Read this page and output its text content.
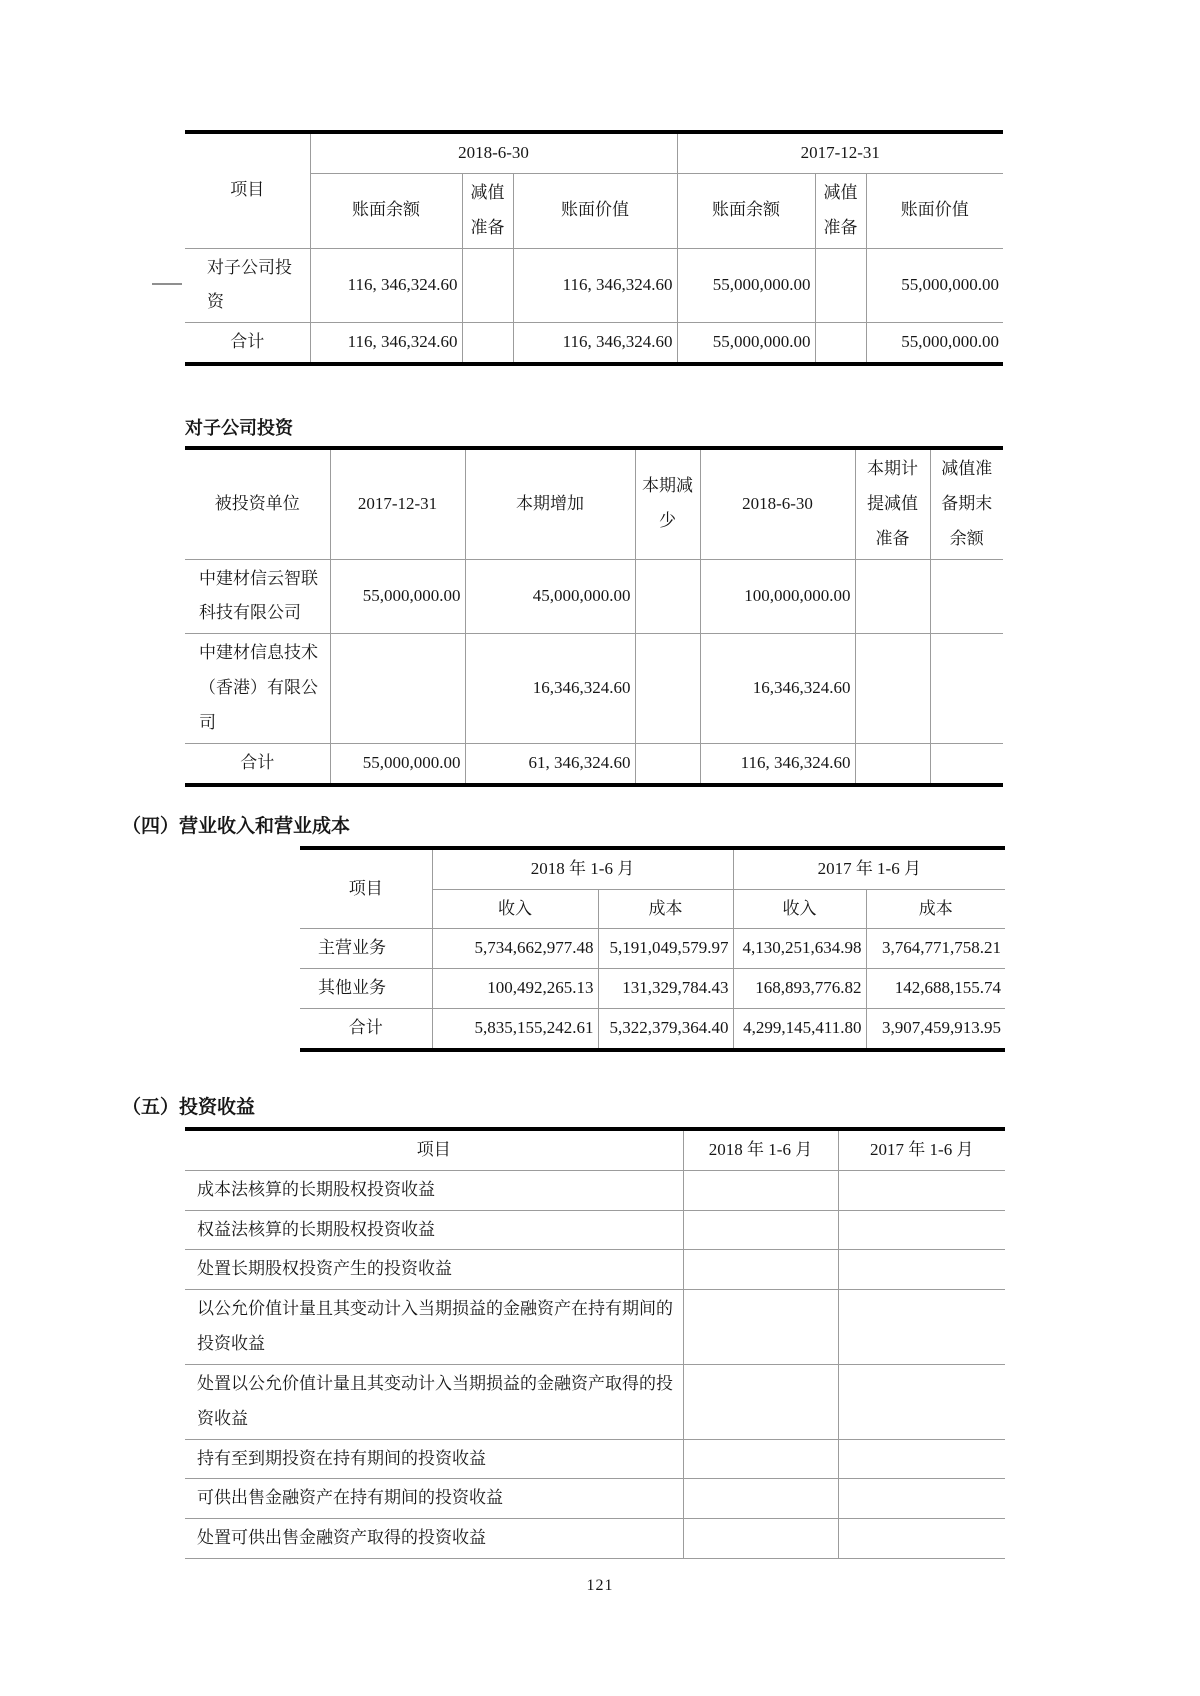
项目	2018-6-30			2017-12-31		
	账面余额	减值准备	账面价值	账面余额	减值准备	账面价值
对子公司投资	116, 346,324.60		116, 346,324.60	55,000,000.00		55,000,000.00
合计	116, 346,324.60		116, 346,324.60	55,000,000.00		55,000,000.00
对子公司投资
被投资单位	2017-12-31	本期增加	本期减少	2018-6-30	本期计提减值准备	减值准备期末余额
中建材信云智联科技有限公司	55,000,000.00	45,000,000.00		100,000,000.00		
中建材信息技术（香港）有限公司		16,346,324.60		16,346,324.60		
合计	55,000,000.00	61, 346,324.60		116, 346,324.60		
（四）营业收入和营业成本
项目	2018 年 1-6 月		2017 年 1-6 月	
	收入	成本	收入	成本
主营业务	5,734,662,977.48	5,191,049,579.97	4,130,251,634.98	3,764,771,758.21
其他业务	100,492,265.13	131,329,784.43	168,893,776.82	142,688,155.74
合计	5,835,155,242.61	5,322,379,364.40	4,299,145,411.80	3,907,459,913.95
（五）投资收益
项目	2018 年 1-6 月	2017 年 1-6 月
成本法核算的长期股权投资收益		
权益法核算的长期股权投资收益		
处置长期股权投资产生的投资收益		
以公允价值计量且其变动计入当期损益的金融资产在持有期间的投资收益		
处置以公允价值计量且其变动计入当期损益的金融资产取得的投资收益		
持有至到期投资在持有期间的投资收益		
可供出售金融资产在持有期间的投资收益		
处置可供出售金融资产取得的投资收益		
121
